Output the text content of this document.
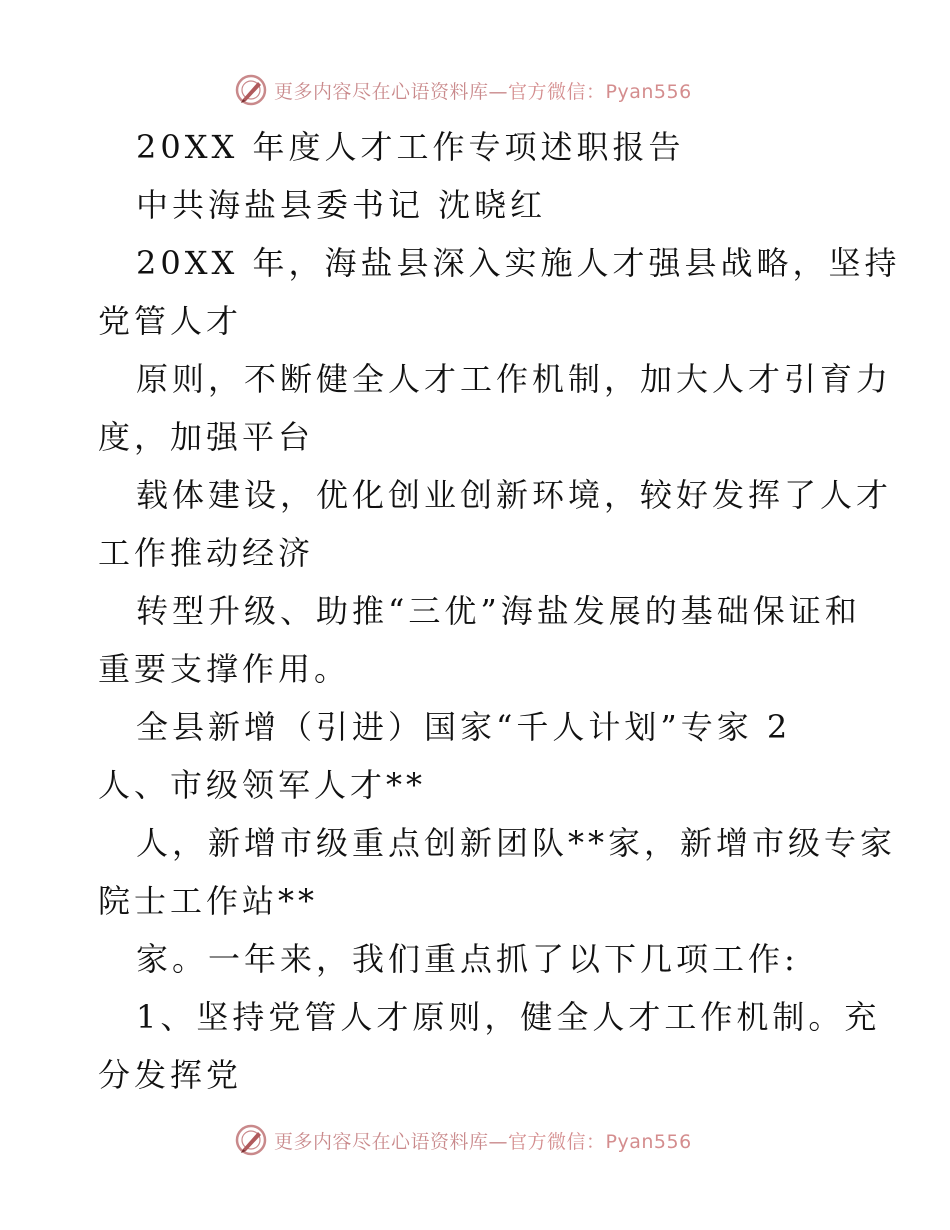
更多内容尽在心语资料库—官方微信：Pyan556
20XX 年度人才工作专项述职报告
中共海盐县委书记 沈晓红
20XX 年，海盐县深入实施人才强县战略，坚持
党管人才
原则，不断健全人才工作机制，加大人才引育力
度，加强平台
载体建设，优化创业创新环境，较好发挥了人才
工作推动经济
转型升级、助推“三优”海盐发展的基础保证和
重要支撑作用。
全县新增（引进）国家“千人计划”专家 2
人、市级领军人才**
人，新增市级重点创新团队**家，新增市级专家
院士工作站**
家。一年来，我们重点抓了以下几项工作:
1、坚持党管人才原则，健全人才工作机制。充
分发挥党
更多内容尽在心语资料库—官方微信：Pyan556
